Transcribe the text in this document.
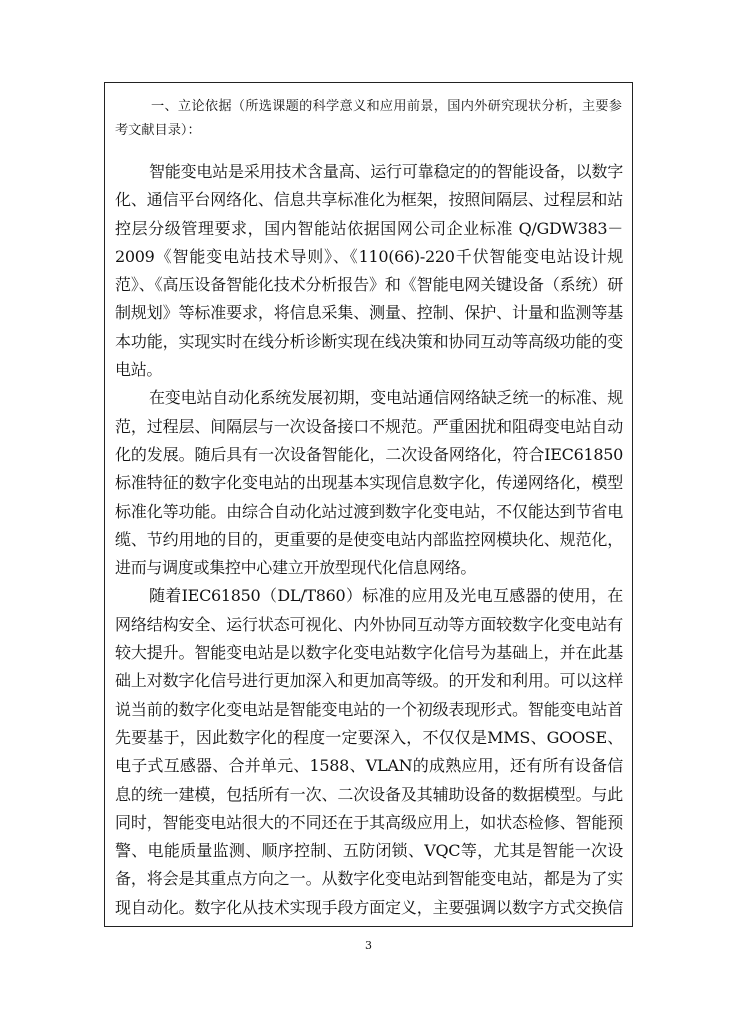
一、立论依据（所选课题的科学意义和应用前景，国内外研究现状分析，主要参考文献目录）：

智能变电站是采用技术含量高、运行可靠稳定的的智能设备，以数字化、通信平台网络化、信息共享标准化为框架，按照间隔层、过程层和站控层分级管理要求，国内智能站依据国网公司企业标准 Q/GDW383－2009《智能变电站技术导则》、《110(66)-220千伏智能变电站设计规范》、《高压设备智能化技术分析报告》和《智能电网关键设备（系统）研制规划》等标准要求，将信息采集、测量、控制、保护、计量和监测等基本功能，实现实时在线分析诊断实现在线决策和协同互动等高级功能的变电站。

在变电站自动化系统发展初期，变电站通信网络缺乏统一的标准、规范，过程层、间隔层与一次设备接口不规范。严重困扰和阻碍变电站自动化的发展。随后具有一次设备智能化，二次设备网络化，符合IEC61850标准特征的数字化变电站的出现基本实现信息数字化，传递网络化，模型标准化等功能。由综合自动化站过渡到数字化变电站，不仅能达到节省电缆、节约用地的目的，更重要的是使变电站内部监控网模块化、规范化，进而与调度或集控中心建立开放型现代化信息网络。

随着IEC61850（DL/T860）标准的应用及光电互感器的使用，在网络结构安全、运行状态可视化、内外协同互动等方面较数字化变电站有较大提升。智能变电站是以数字化变电站数字化信号为基础上，并在此基础上对数字化信号进行更加深入和更加高等级。的开发和利用。可以这样说当前的数字化变电站是智能变电站的一个初级表现形式。智能变电站首先要基于，因此数字化的程度一定要深入，不仅仅是MMS、GOOSE、电子式互感器、合并单元、1588、VLAN的成熟应用，还有所有设备信息的统一建模，包括所有一次、二次设备及其辅助设备的数据模型。与此同时，智能变电站很大的不同还在于其高级应用上，如状态检修、智能预警、电能质量监测、顺序控制、五防闭锁、VQC等，尤其是智能一次设备，将会是其重点方向之一。从数字化变电站到智能变电站，都是为了实现自动化。数字化从技术实现手段方面定义，主要强调以数字方式交换信

3
